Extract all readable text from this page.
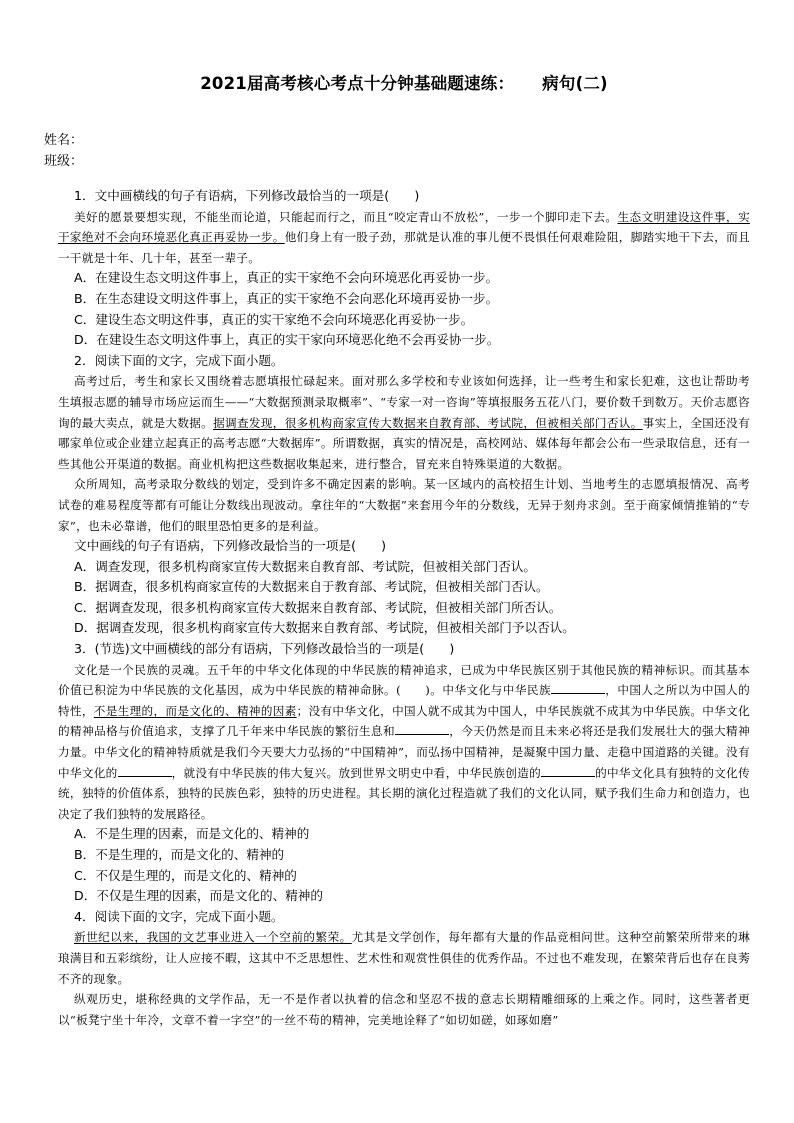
2021届高考核心考点十分钟基础题速练： 病句(二)
姓名：
班级：

1．文中画横线的句子有语病，下列修改最恰当的一项是(　　)

美好的愿景要想实现，不能坐而论道，只能起而行之，而且“咬定青山不放松”，一步一个脚印走下去。生态文明建设这件事，实干家绝对不会向环境恶化真正再妥协一步。他们身上有一股子劲，那就是认准的事儿便不畏惧任何艰难险阻，脚踏实地干下去，而且一干就是十年、几十年，甚至一辈子。

A．在建设生态文明这件事上，真正的实干家绝不会向环境恶化再妥协一步。

B．在生态建设文明这件事上，真正的实干家绝不会向恶化环境再妥协一步。

C．建设生态文明这件事，真正的实干家绝不会向环境恶化再妥协一步。

D．在建设生态文明这件事上，真正的实干家向环境恶化绝不会再妥协一步。

2．阅读下面的文字，完成下面小题。

高考过后，考生和家长又围绕着志愿填报忙碌起来。面对那么多学校和专业该如何选择，让一些考生和家长犯难，这也让帮助考生填报志愿的辅导市场应运而生——“大数据预测录取概率”、“专家一对一咨询”等填报服务五花八门，要价数千到数万。天价志愿咨询的最大卖点，就是大数据。据调查发现，很多机构商家宣传大数据来自教育部、考试院，但被相关部门否认。事实上，全国还没有哪家单位或企业建立起真正的高考志愿“大数据库”。所谓数据，真实的情况是，高校网站、媒体每年都会公布一些录取信息，还有一些其他公开渠道的数据。商业机构把这些数据收集起来，进行整合，冒充来自特殊渠道的大数据。

众所周知，高考录取分数线的划定，受到许多不确定因素的影响。某一区域内的高校招生计划、当地考生的志愿填报情况、高考试卷的难易程度等都有可能让分数线出现波动。拿往年的“大数据”来套用今年的分数线，无异于刻舟求剑。至于商家倾情推销的“专家”，也未必靠谱，他们的眼里恐怕更多的是利益。

文中画线的句子有语病，下列修改最恰当的一项是(　　)

A．调查发现，很多机构商家宣传大数据来自教育部、考试院，但被相关部门否认。

B．据调查，很多机构商家宣传的大数据来自于教育部、考试院，但被相关部门否认。

C．据调查发现，很多机构商家宣传大数据来自教育部、考试院，但被相关部门所否认。

D．据调查发现，很多机构商家宣传大数据来自教育部、考试院，但被相关部门予以否认。

3．(节选)文中画横线的部分有语病，下列修改最恰当的一项是(　　)

文化是一个民族的灵魂。五千年的中华文化体现的中华民族的精神追求，已成为中华民族区别于其他民族的精神标识。而其基本价值已积淀为中华民族的文化基因，成为中华民族的精神命脉。(　　)。中华文化与中华民族	，中国人之所以为中国人的特性，不是生理的，而是文化的、精神的因素；没有中华文化，中国人就不成其为中国人，中华民族就不成其为中华民族。中华文化的精神品格与价值追求，支撑了几千年来中华民族的繁衍生息和	，今天仍然是而且未来必将还是我们发展壮大的强大精神力量。中华文化的精神特质就是我们今天要大力弘扬的“中国精神”，而弘扬中国精神，是凝聚中国力量、走稳中国道路的关键。没有中华文化的	，就没有中华民族的伟大复兴。放到世界文明史中看，中华民族创造的	的中华文化具有独特的文化传统，独特的价值体系，独特的民族色彩，独特的历史进程。其长期的演化过程造就了我们的文化认同，赋予我们生命力和创造力，也决定了我们独特的发展路径。

A．不是生理的因素，而是文化的、精神的

B．不是生理的，而是文化的、精神的

C．不仅是生理的，而是文化的、精神的

D．不仅是生理的因素，而是文化的、精神的

4．阅读下面的文字，完成下面小题。

新世纪以来，我国的文艺事业进入一个空前的繁荣。尤其是文学创作，每年都有大量的作品竞相问世。这种空前繁荣所带来的琳琅满目和五彩缤纷，让人应接不暇，这其中不乏思想性、艺术性和观赏性俱佳的优秀作品。不过也不难发现，在繁荣背后也存在良莠不齐的现象。

纵观历史，堪称经典的文学作品，无一不是作者以执着的信念和坚忍不拔的意志长期精雕细琢的上乘之作。同时，这些著者更以“板凳宁坐十年冷，文章不着一字空”的一丝不苟的精神，完美地诠释了“如切如磋，如琢如磨”
